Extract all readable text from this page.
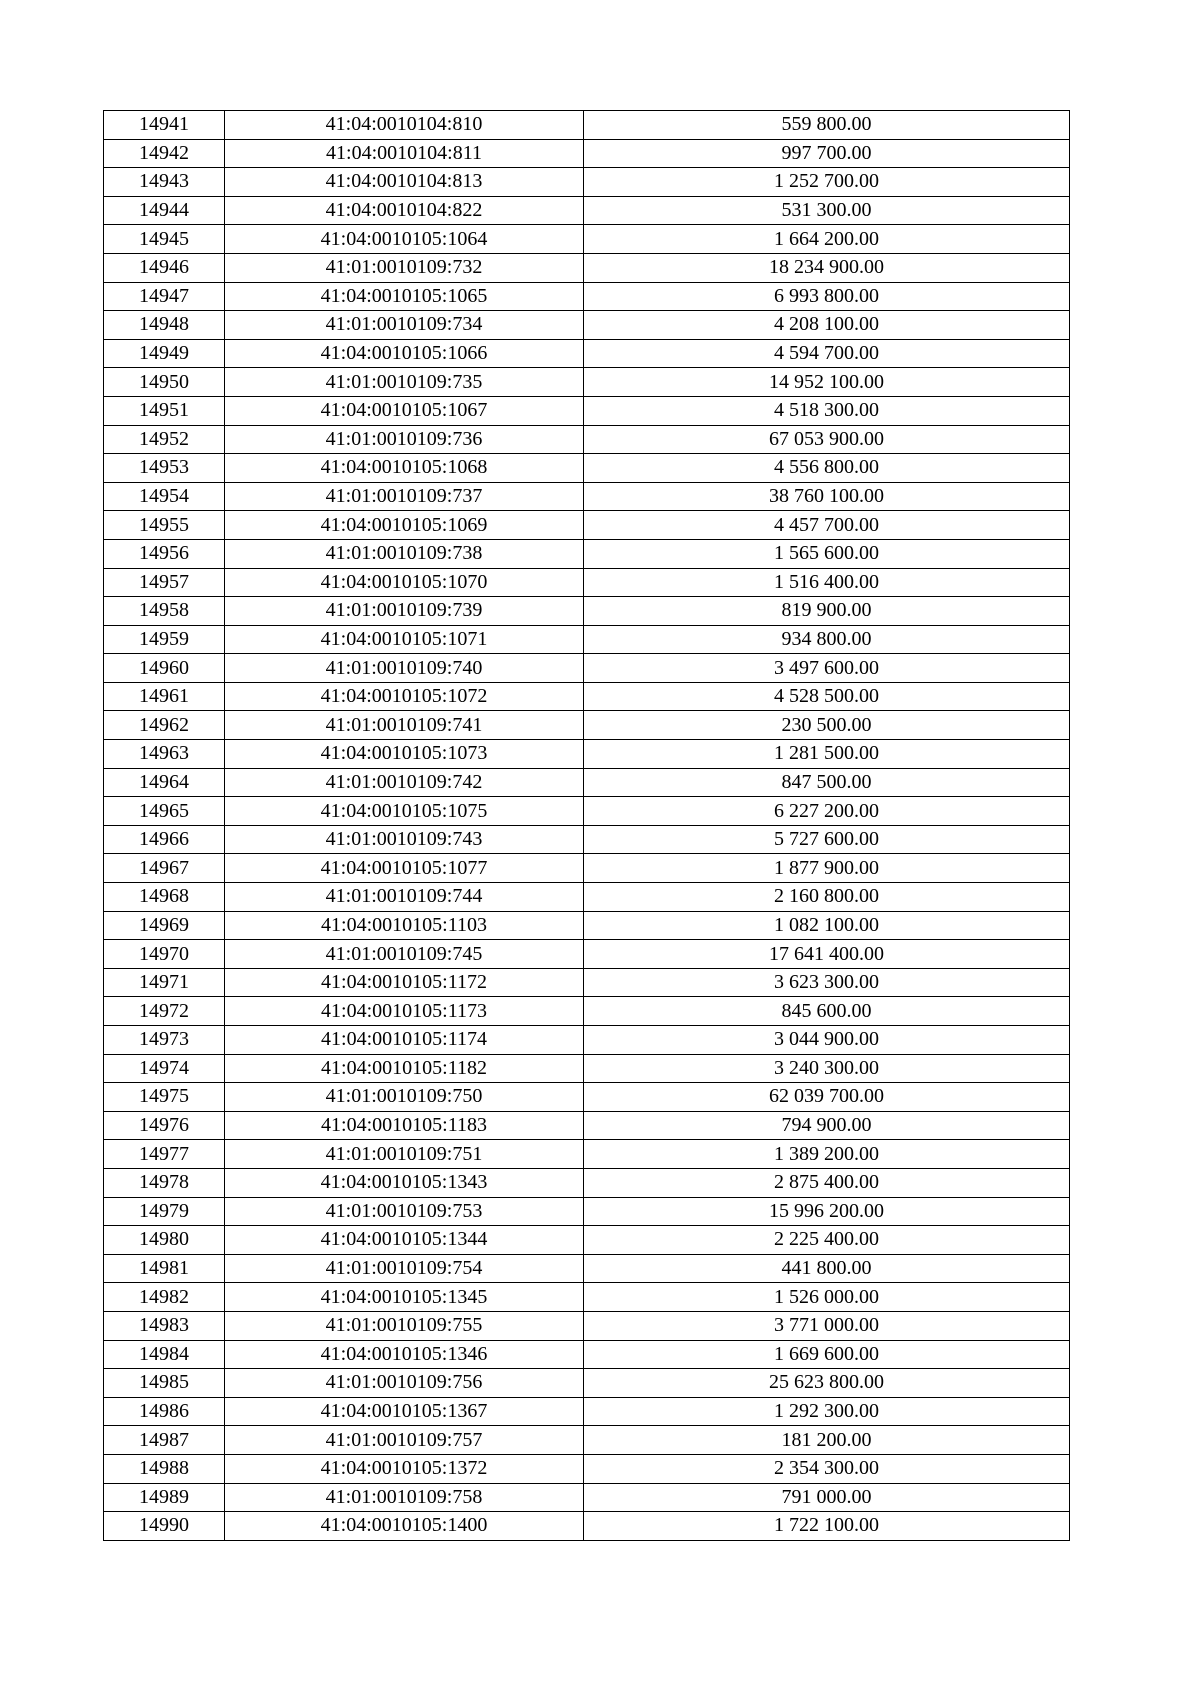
14941	41:04:0010104:810	559 800.00
14942	41:04:0010104:811	997 700.00
14943	41:04:0010104:813	1 252 700.00
14944	41:04:0010104:822	531 300.00
14945	41:04:0010105:1064	1 664 200.00
14946	41:01:0010109:732	18 234 900.00
14947	41:04:0010105:1065	6 993 800.00
14948	41:01:0010109:734	4 208 100.00
14949	41:04:0010105:1066	4 594 700.00
14950	41:01:0010109:735	14 952 100.00
14951	41:04:0010105:1067	4 518 300.00
14952	41:01:0010109:736	67 053 900.00
14953	41:04:0010105:1068	4 556 800.00
14954	41:01:0010109:737	38 760 100.00
14955	41:04:0010105:1069	4 457 700.00
14956	41:01:0010109:738	1 565 600.00
14957	41:04:0010105:1070	1 516 400.00
14958	41:01:0010109:739	819 900.00
14959	41:04:0010105:1071	934 800.00
14960	41:01:0010109:740	3 497 600.00
14961	41:04:0010105:1072	4 528 500.00
14962	41:01:0010109:741	230 500.00
14963	41:04:0010105:1073	1 281 500.00
14964	41:01:0010109:742	847 500.00
14965	41:04:0010105:1075	6 227 200.00
14966	41:01:0010109:743	5 727 600.00
14967	41:04:0010105:1077	1 877 900.00
14968	41:01:0010109:744	2 160 800.00
14969	41:04:0010105:1103	1 082 100.00
14970	41:01:0010109:745	17 641 400.00
14971	41:04:0010105:1172	3 623 300.00
14972	41:04:0010105:1173	845 600.00
14973	41:04:0010105:1174	3 044 900.00
14974	41:04:0010105:1182	3 240 300.00
14975	41:01:0010109:750	62 039 700.00
14976	41:04:0010105:1183	794 900.00
14977	41:01:0010109:751	1 389 200.00
14978	41:04:0010105:1343	2 875 400.00
14979	41:01:0010109:753	15 996 200.00
14980	41:04:0010105:1344	2 225 400.00
14981	41:01:0010109:754	441 800.00
14982	41:04:0010105:1345	1 526 000.00
14983	41:01:0010109:755	3 771 000.00
14984	41:04:0010105:1346	1 669 600.00
14985	41:01:0010109:756	25 623 800.00
14986	41:04:0010105:1367	1 292 300.00
14987	41:01:0010109:757	181 200.00
14988	41:04:0010105:1372	2 354 300.00
14989	41:01:0010109:758	791 000.00
14990	41:04:0010105:1400	1 722 100.00
